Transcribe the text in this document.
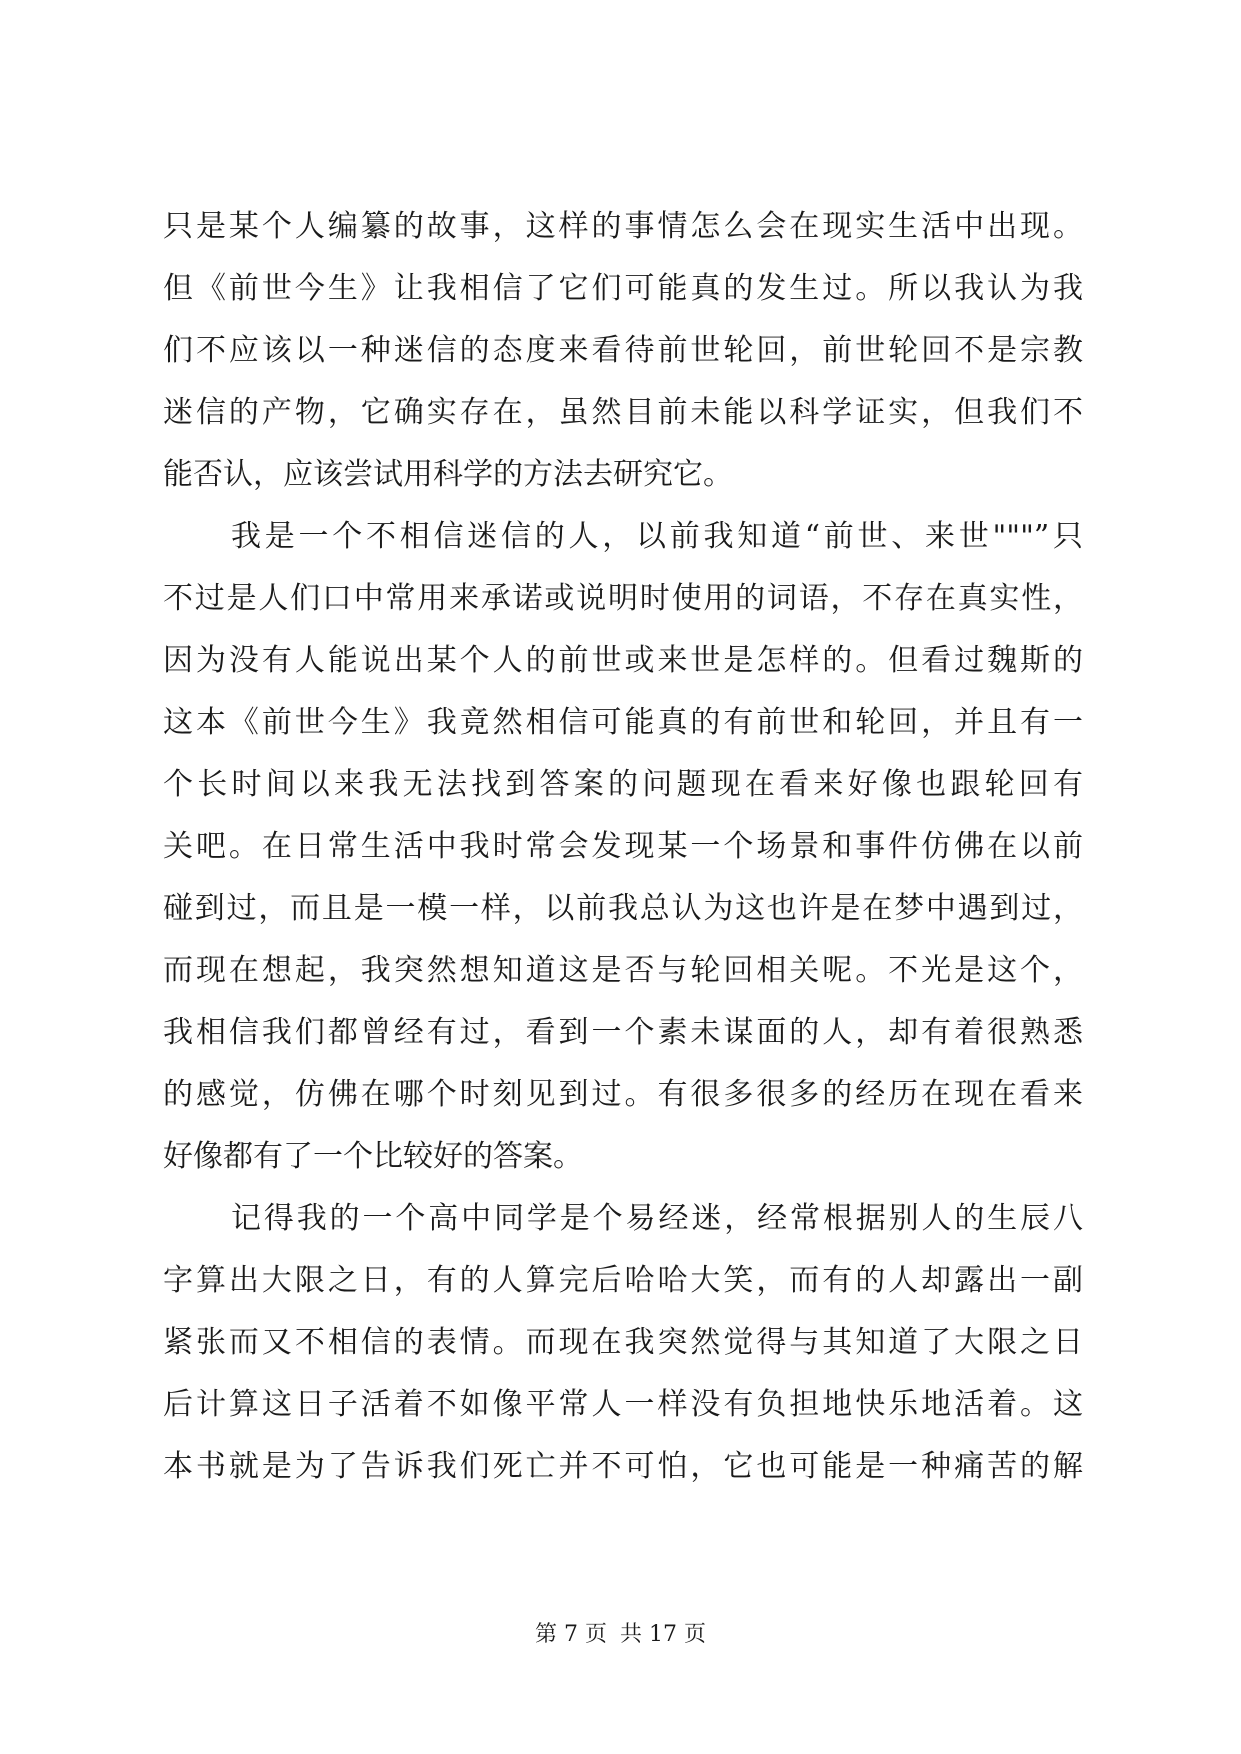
只是某个人编纂的故事，这样的事情怎么会在现实生活中出现。
但《前世今生》让我相信了它们可能真的发生过。所以我认为我
们不应该以一种迷信的态度来看待前世轮回，前世轮回不是宗教
迷信的产物，它确实存在，虽然目前未能以科学证实，但我们不
能否认，应该尝试用科学的方法去研究它。
我是一个不相信迷信的人，以前我知道“前世、来世"""”只
不过是人们口中常用来承诺或说明时使用的词语，不存在真实性，
因为没有人能说出某个人的前世或来世是怎样的。但看过魏斯的
这本《前世今生》我竟然相信可能真的有前世和轮回，并且有一
个长时间以来我无法找到答案的问题现在看来好像也跟轮回有
关吧。在日常生活中我时常会发现某一个场景和事件仿佛在以前
碰到过，而且是一模一样，以前我总认为这也许是在梦中遇到过，
而现在想起，我突然想知道这是否与轮回相关呢。不光是这个，
我相信我们都曾经有过，看到一个素未谋面的人，却有着很熟悉
的感觉，仿佛在哪个时刻见到过。有很多很多的经历在现在看来
好像都有了一个比较好的答案。
记得我的一个高中同学是个易经迷，经常根据别人的生辰八
字算出大限之日，有的人算完后哈哈大笑，而有的人却露出一副
紧张而又不相信的表情。而现在我突然觉得与其知道了大限之日
后计算这日子活着不如像平常人一样没有负担地快乐地活着。这
本书就是为了告诉我们死亡并不可怕，它也可能是一种痛苦的解
第 7 页 共 17 页
